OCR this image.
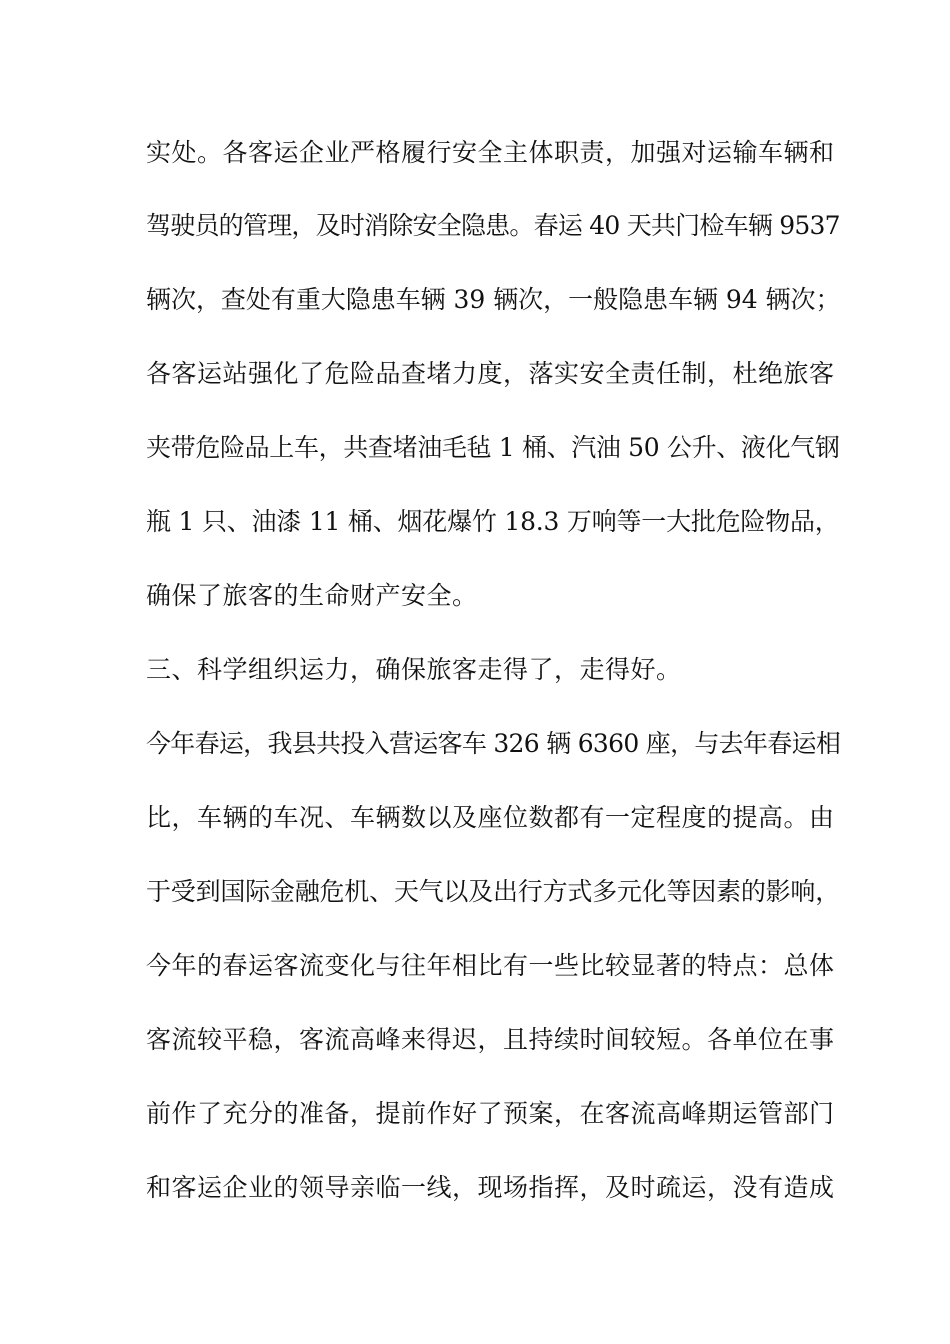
实处。各客运企业严格履行安全主体职责，加强对运输车辆和
驾驶员的管理，及时消除安全隐患。春运 40 天共门检车辆 9537
辆次，查处有重大隐患车辆 39 辆次，一般隐患车辆 94 辆次；
各客运站强化了危险品查堵力度，落实安全责任制，杜绝旅客
夹带危险品上车，共查堵油毛毡 1 桶、汽油 50 公升、液化气钢
瓶 1 只、油漆 11 桶、烟花爆竹 18.3 万响等一大批危险物品，
确保了旅客的生命财产安全。
三、科学组织运力，确保旅客走得了，走得好。
今年春运，我县共投入营运客车 326 辆 6360 座，与去年春运相
比，车辆的车况、车辆数以及座位数都有一定程度的提高。由
于受到国际金融危机、天气以及出行方式多元化等因素的影响，
今年的春运客流变化与往年相比有一些比较显著的特点：总体
客流较平稳，客流高峰来得迟，且持续时间较短。各单位在事
前作了充分的准备，提前作好了预案，在客流高峰期运管部门
和客运企业的领导亲临一线，现场指挥，及时疏运，没有造成
